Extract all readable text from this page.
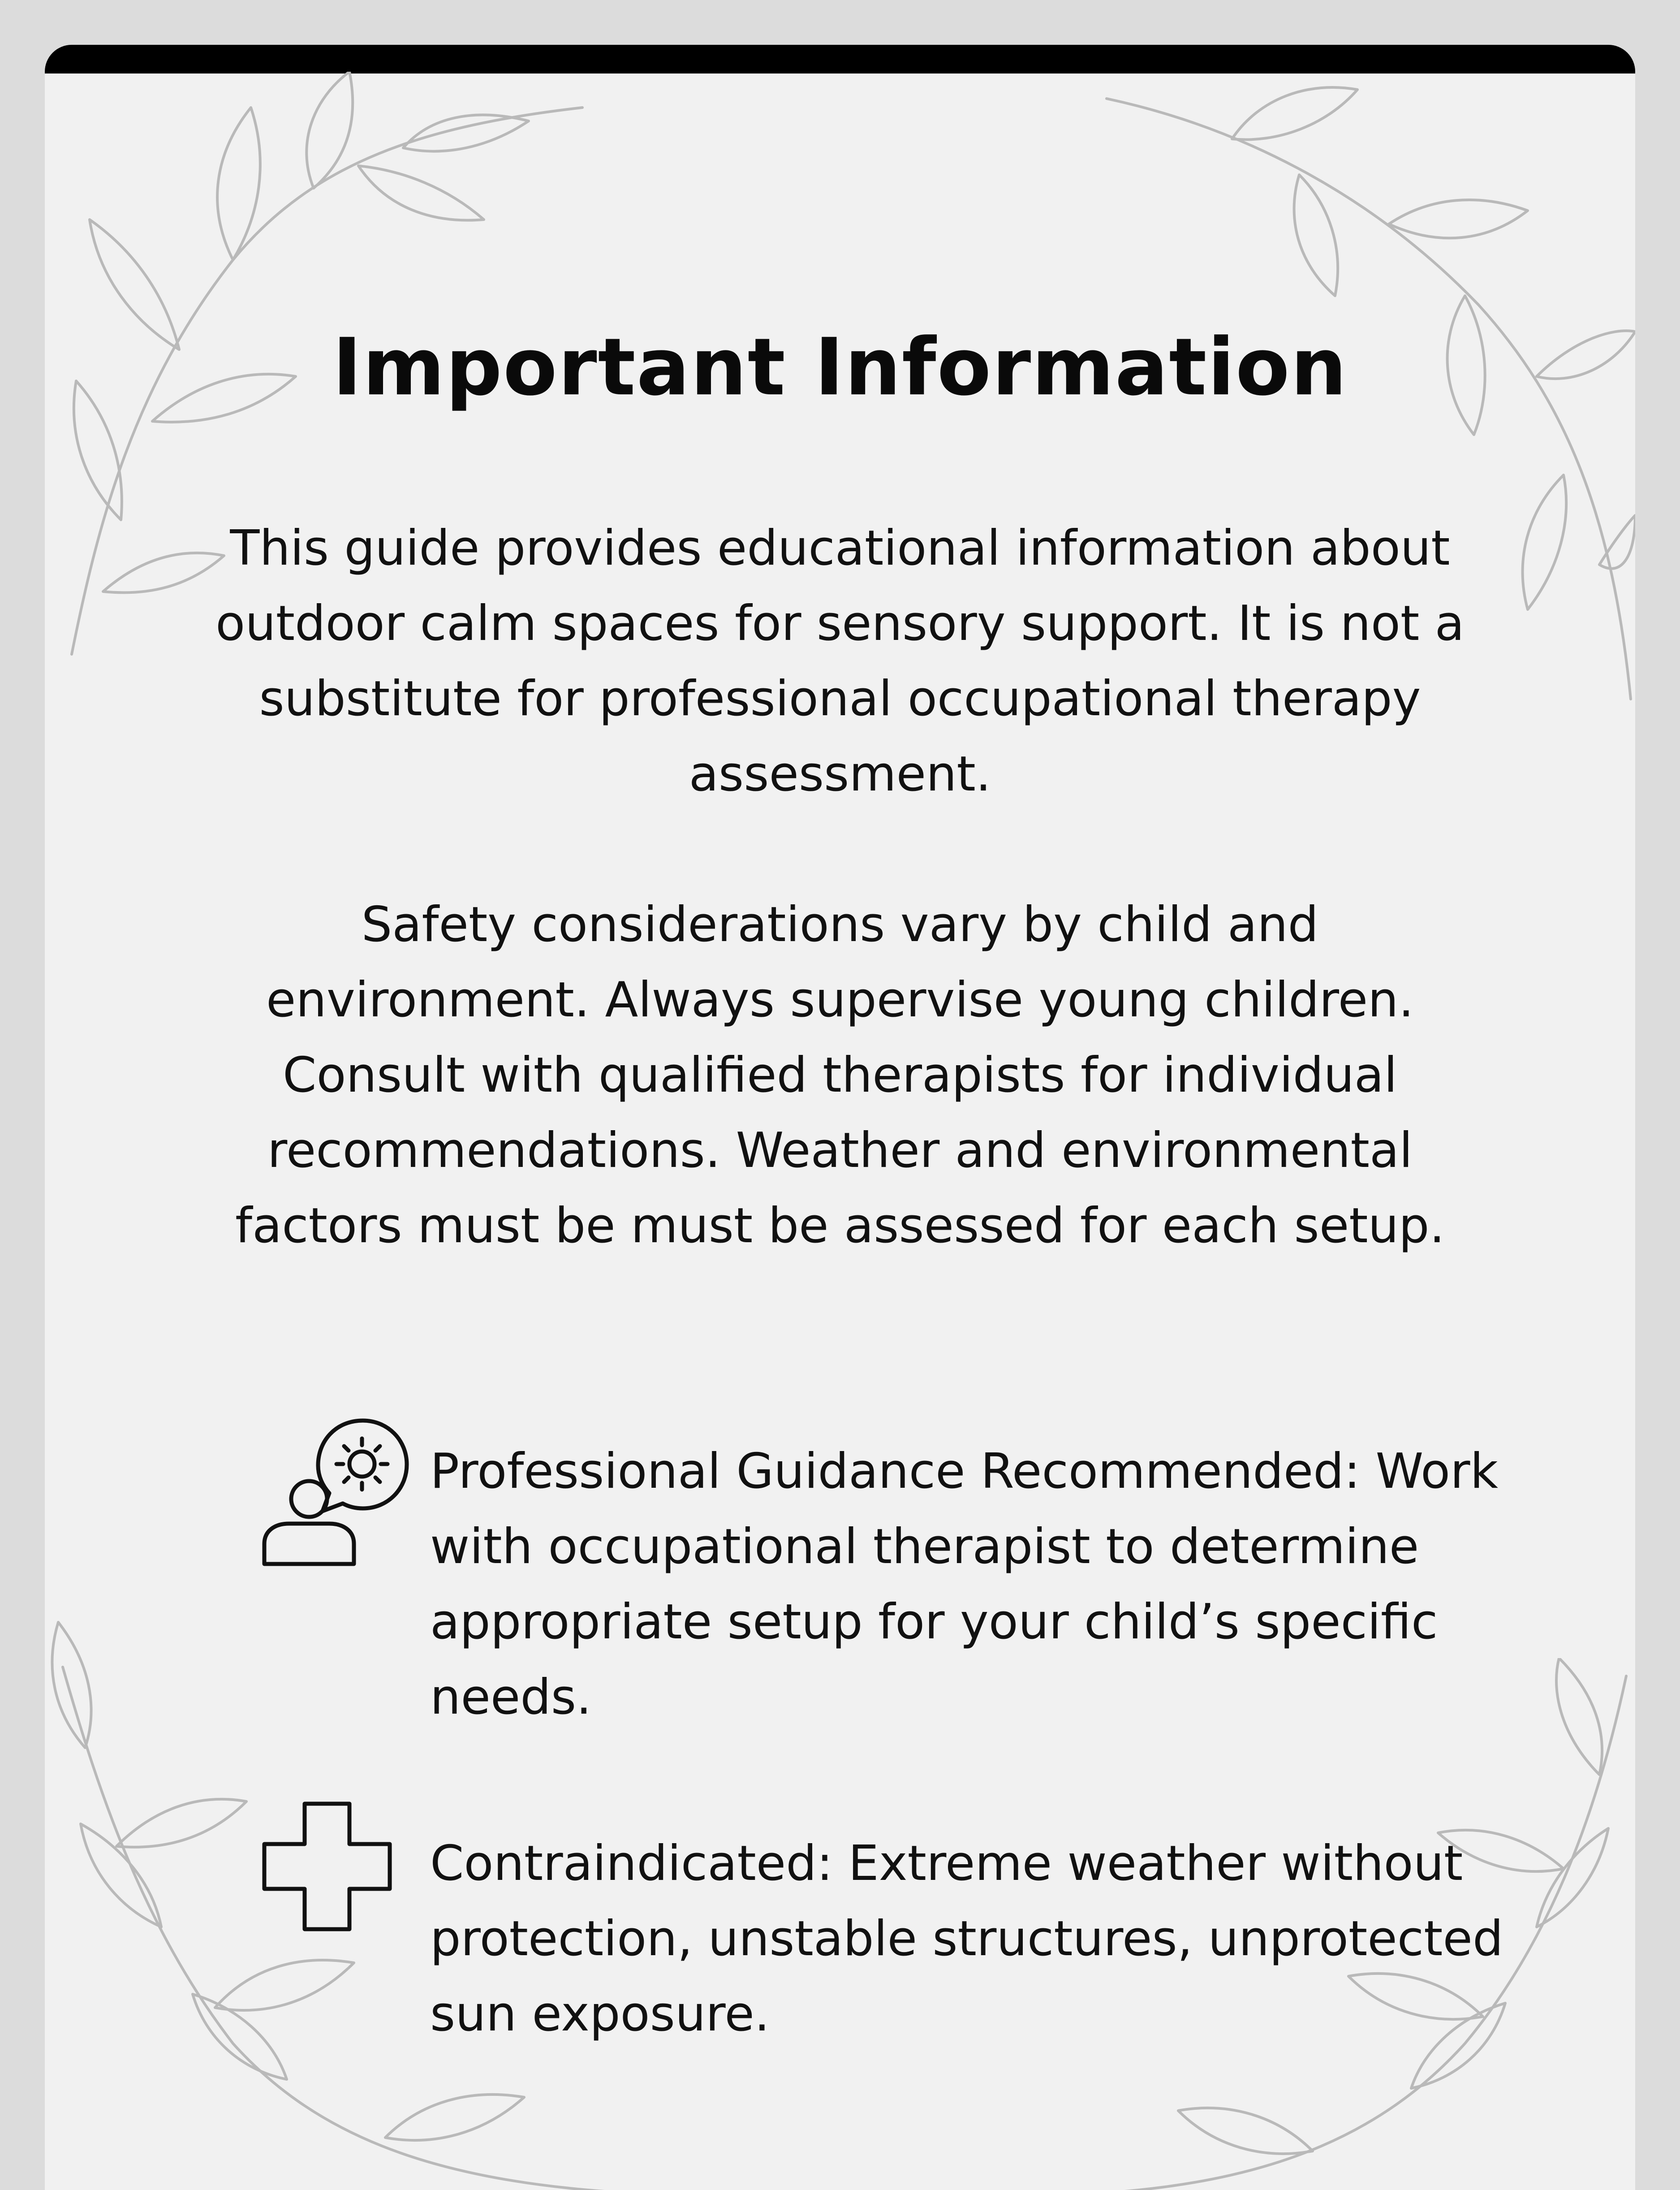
Important Information
This guide provides educational information about outdoor calm spaces for sensory support. It is not a substitute for professional occupational therapy assessment.
Safety considerations vary by child and environment. Always supervise young children. Consult with qualified therapists for individual recommendations. Weather and environmental factors must be must be assessed for each setup.
Professional Guidance Recommended: Work with occupational therapist to determine appropriate setup for your child’s specific needs.
Contraindicated: Extreme weather without protection, unstable structures, unprotected sun exposure.
